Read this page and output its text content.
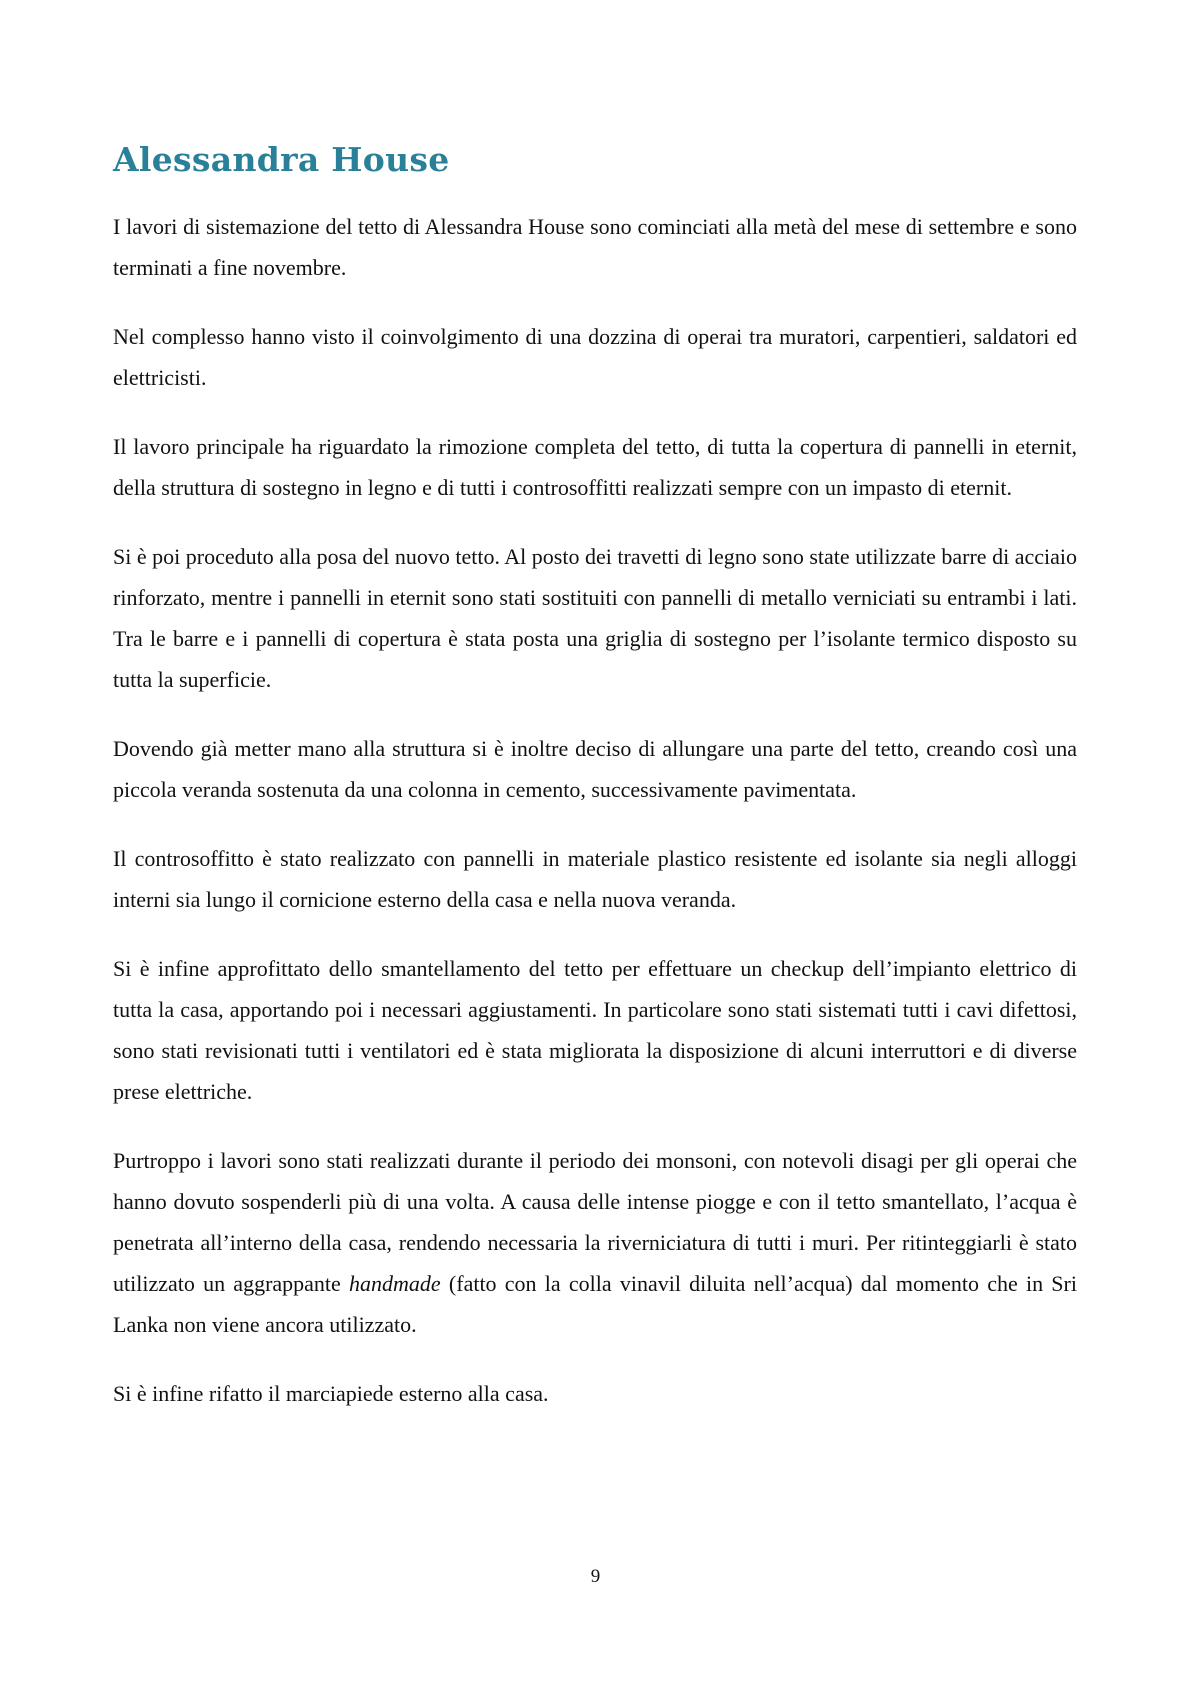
Alessandra House

I lavori di sistemazione del tetto di Alessandra House sono cominciati alla metà del mese di settembre e sono terminati a fine novembre.

Nel complesso hanno visto il coinvolgimento di una dozzina di operai tra muratori, carpentieri, saldatori ed elettricisti.

Il lavoro principale ha riguardato la rimozione completa del tetto, di tutta la copertura di pannelli in eternit, della struttura di sostegno in legno e di tutti i controsoffitti realizzati sempre con un impasto di eternit.

Si è poi proceduto alla posa del nuovo tetto. Al posto dei travetti di legno sono state utilizzate barre di acciaio rinforzato, mentre i pannelli in eternit sono stati sostituiti con pannelli di metallo verniciati su entrambi i lati. Tra le barre e i pannelli di copertura è stata posta una griglia di sostegno per l’isolante termico disposto su tutta la superficie.

Dovendo già metter mano alla struttura si è inoltre deciso di allungare una parte del tetto, creando così una piccola veranda sostenuta da una colonna in cemento, successivamente pavimentata.

Il controsoffitto è stato realizzato con pannelli in materiale plastico resistente ed isolante sia negli alloggi interni sia lungo il cornicione esterno della casa e nella nuova veranda.

Si è infine approfittato dello smantellamento del tetto per effettuare un checkup dell’impianto elettrico di tutta la casa, apportando poi i necessari aggiustamenti. In particolare sono stati sistemati tutti i cavi difettosi, sono stati revisionati tutti i ventilatori ed è stata migliorata la disposizione di alcuni interruttori e di diverse prese elettriche.

Purtroppo i lavori sono stati realizzati durante il periodo dei monsoni, con notevoli disagi per gli operai che hanno dovuto sospenderli più di una volta. A causa delle intense piogge e con il tetto smantellato, l’acqua è penetrata all’interno della casa, rendendo necessaria la riverniciatura di tutti i muri. Per ritinteggiarli è stato utilizzato un aggrappante handmade (fatto con la colla vinavil diluita nell’acqua) dal momento che in Sri Lanka non viene ancora utilizzato.

Si è infine rifatto il marciapiede esterno alla casa.

9
